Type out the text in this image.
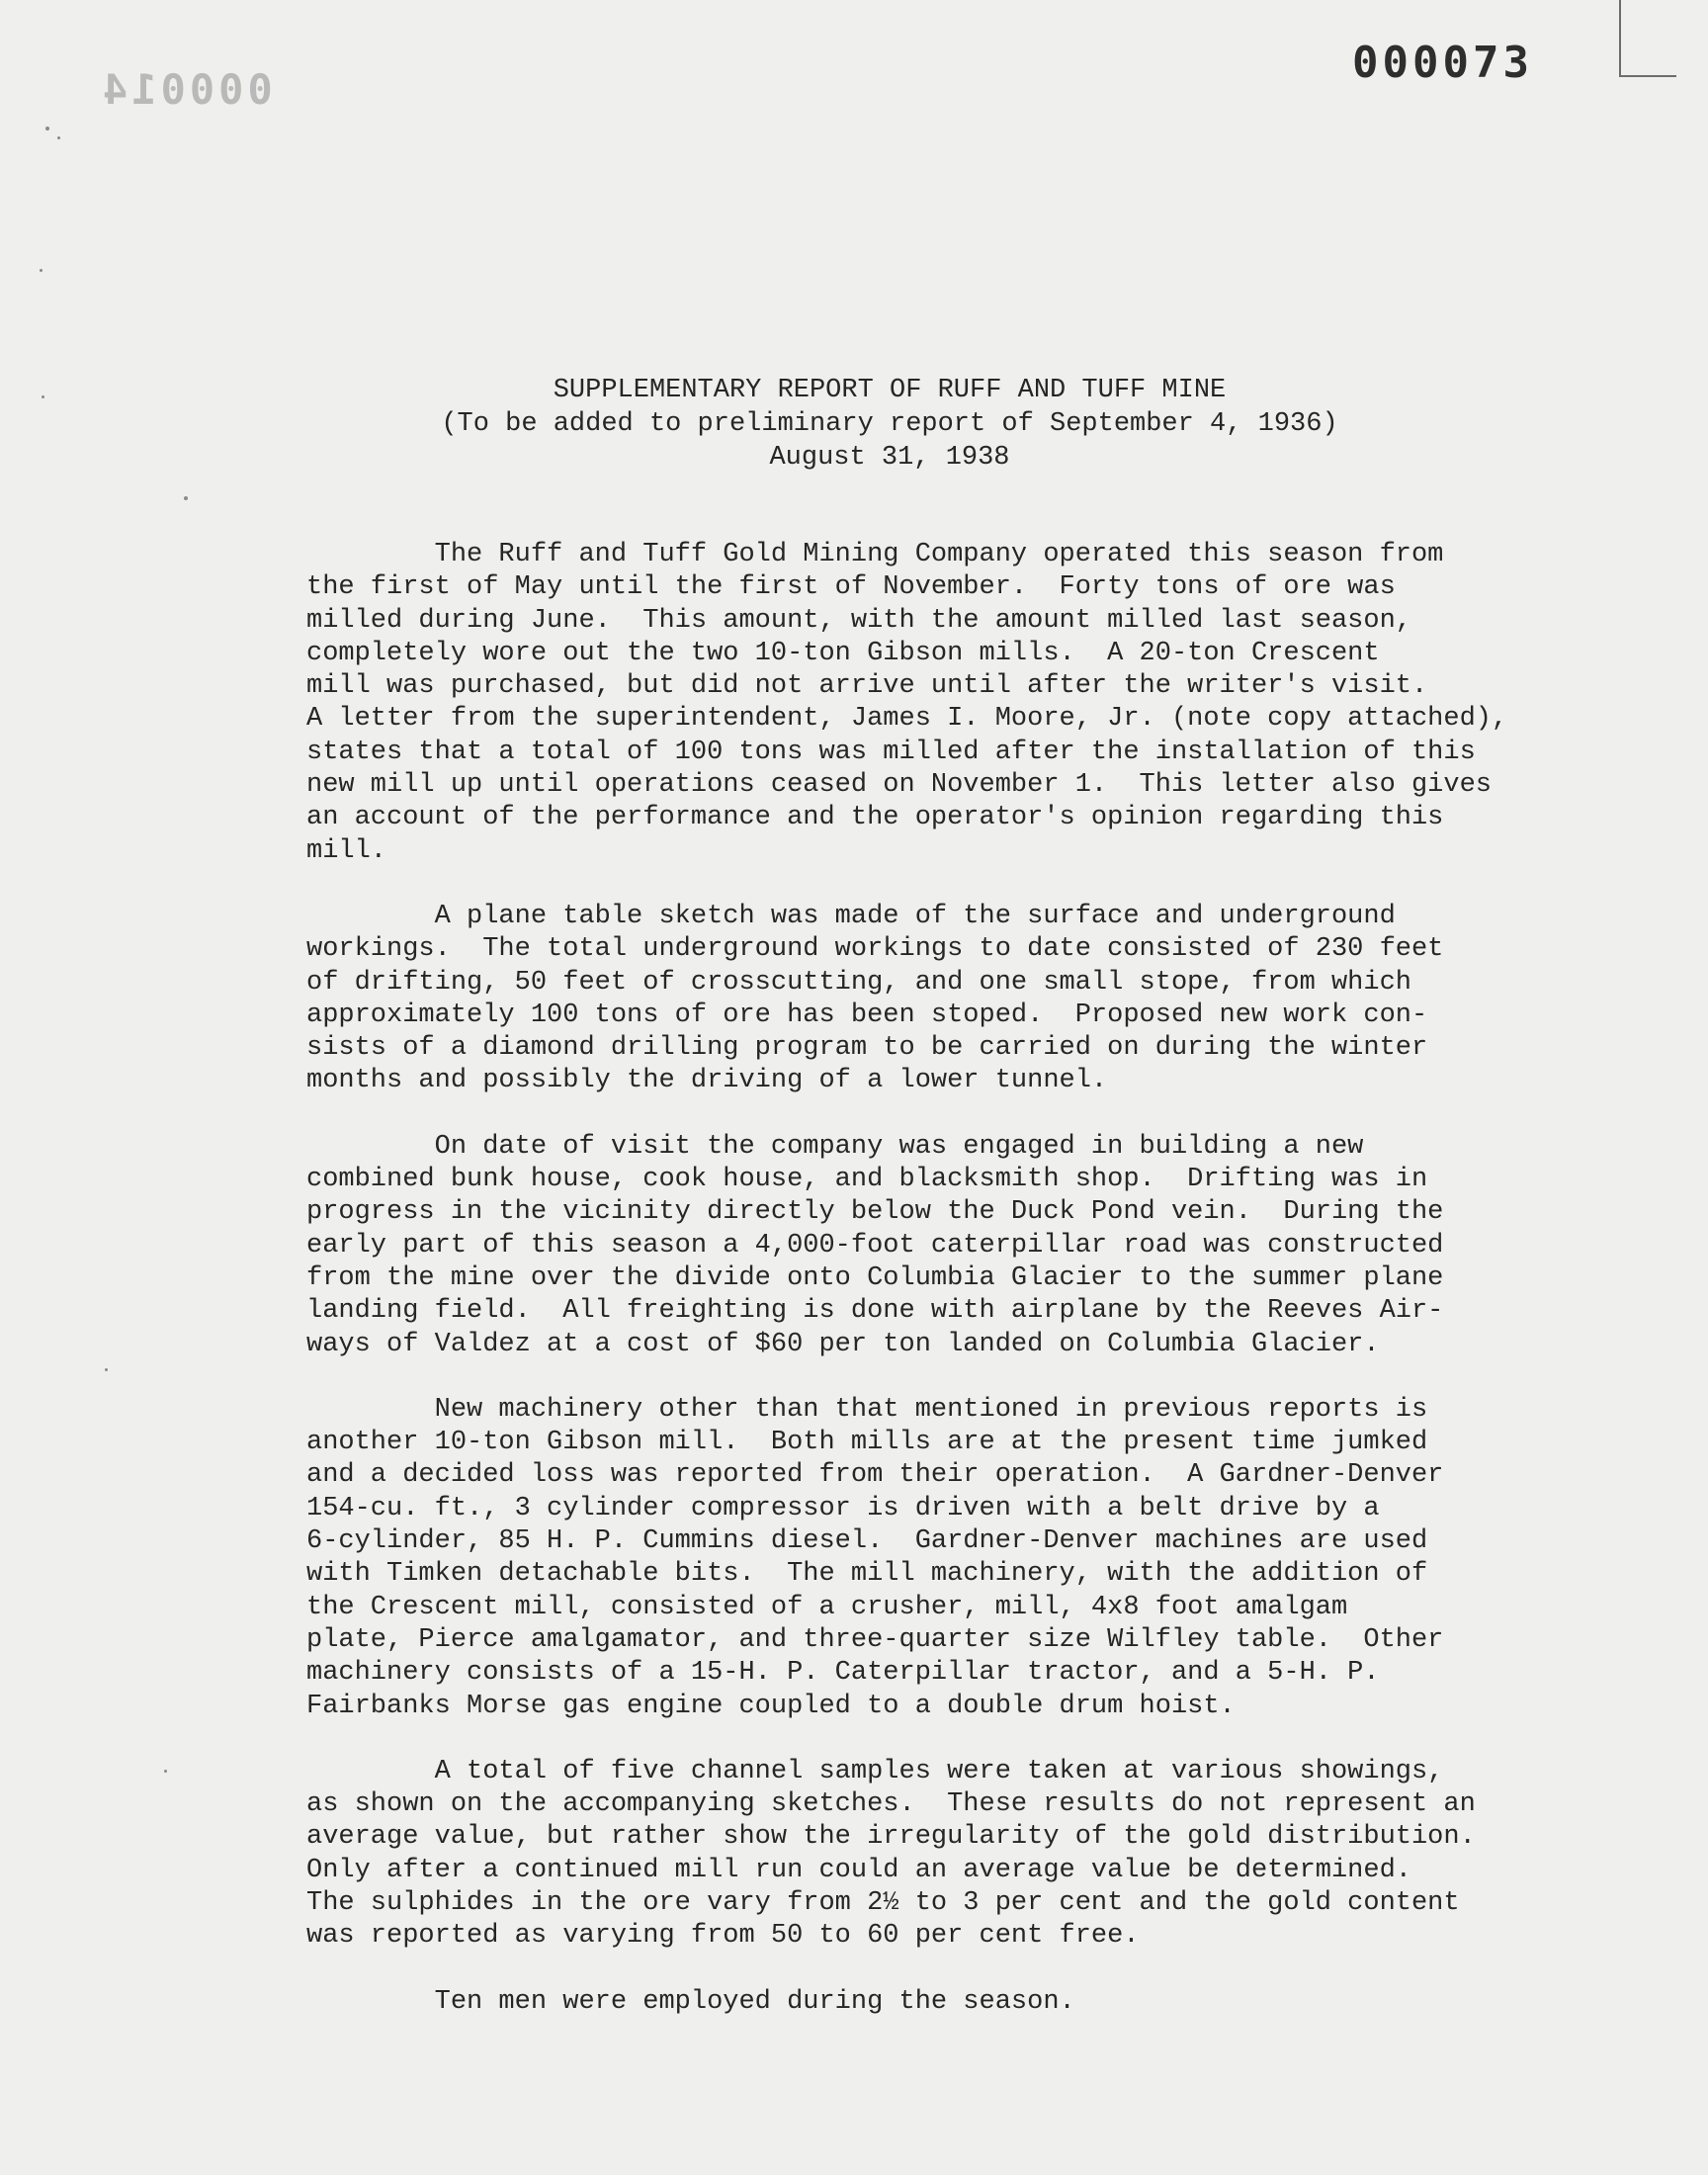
000014
000073
SUPPLEMENTARY REPORT OF RUFF AND TUFF MINE
(To be added to preliminary report of September 4, 1936)
August 31, 1938
The Ruff and Tuff Gold Mining Company operated this season from
the first of May until the first of November.  Forty tons of ore was
milled during June.  This amount, with the amount milled last season,
completely wore out the two 10-ton Gibson mills.  A 20-ton Crescent
mill was purchased, but did not arrive until after the writer's visit.
A letter from the superintendent, James I. Moore, Jr. (note copy attached),
states that a total of 100 tons was milled after the installation of this
new mill up until operations ceased on November 1.  This letter also gives
an account of the performance and the operator's opinion regarding this
mill.
A plane table sketch was made of the surface and underground
workings.  The total underground workings to date consisted of 230 feet
of drifting, 50 feet of crosscutting, and one small stope, from which
approximately 100 tons of ore has been stoped.  Proposed new work con-
sists of a diamond drilling program to be carried on during the winter
months and possibly the driving of a lower tunnel.
On date of visit the company was engaged in building a new
combined bunk house, cook house, and blacksmith shop.  Drifting was in
progress in the vicinity directly below the Duck Pond vein.  During the
early part of this season a 4,000-foot caterpillar road was constructed
from the mine over the divide onto Columbia Glacier to the summer plane
landing field.  All freighting is done with airplane by the Reeves Air-
ways of Valdez at a cost of $60 per ton landed on Columbia Glacier.
New machinery other than that mentioned in previous reports is
another 10-ton Gibson mill.  Both mills are at the present time jumked
and a decided loss was reported from their operation.  A Gardner-Denver
154-cu. ft., 3 cylinder compressor is driven with a belt drive by a
6-cylinder, 85 H. P. Cummins diesel.  Gardner-Denver machines are used
with Timken detachable bits.  The mill machinery, with the addition of
the Crescent mill, consisted of a crusher, mill, 4x8 foot amalgam
plate, Pierce amalgamator, and three-quarter size Wilfley table.  Other
machinery consists of a 15-H. P. Caterpillar tractor, and a 5-H. P.
Fairbanks Morse gas engine coupled to a double drum hoist.
A total of five channel samples were taken at various showings,
as shown on the accompanying sketches.  These results do not represent an
average value, but rather show the irregularity of the gold distribution.
Only after a continued mill run could an average value be determined.
The sulphides in the ore vary from 2½ to 3 per cent and the gold content
was reported as varying from 50 to 60 per cent free.
Ten men were employed during the season.
